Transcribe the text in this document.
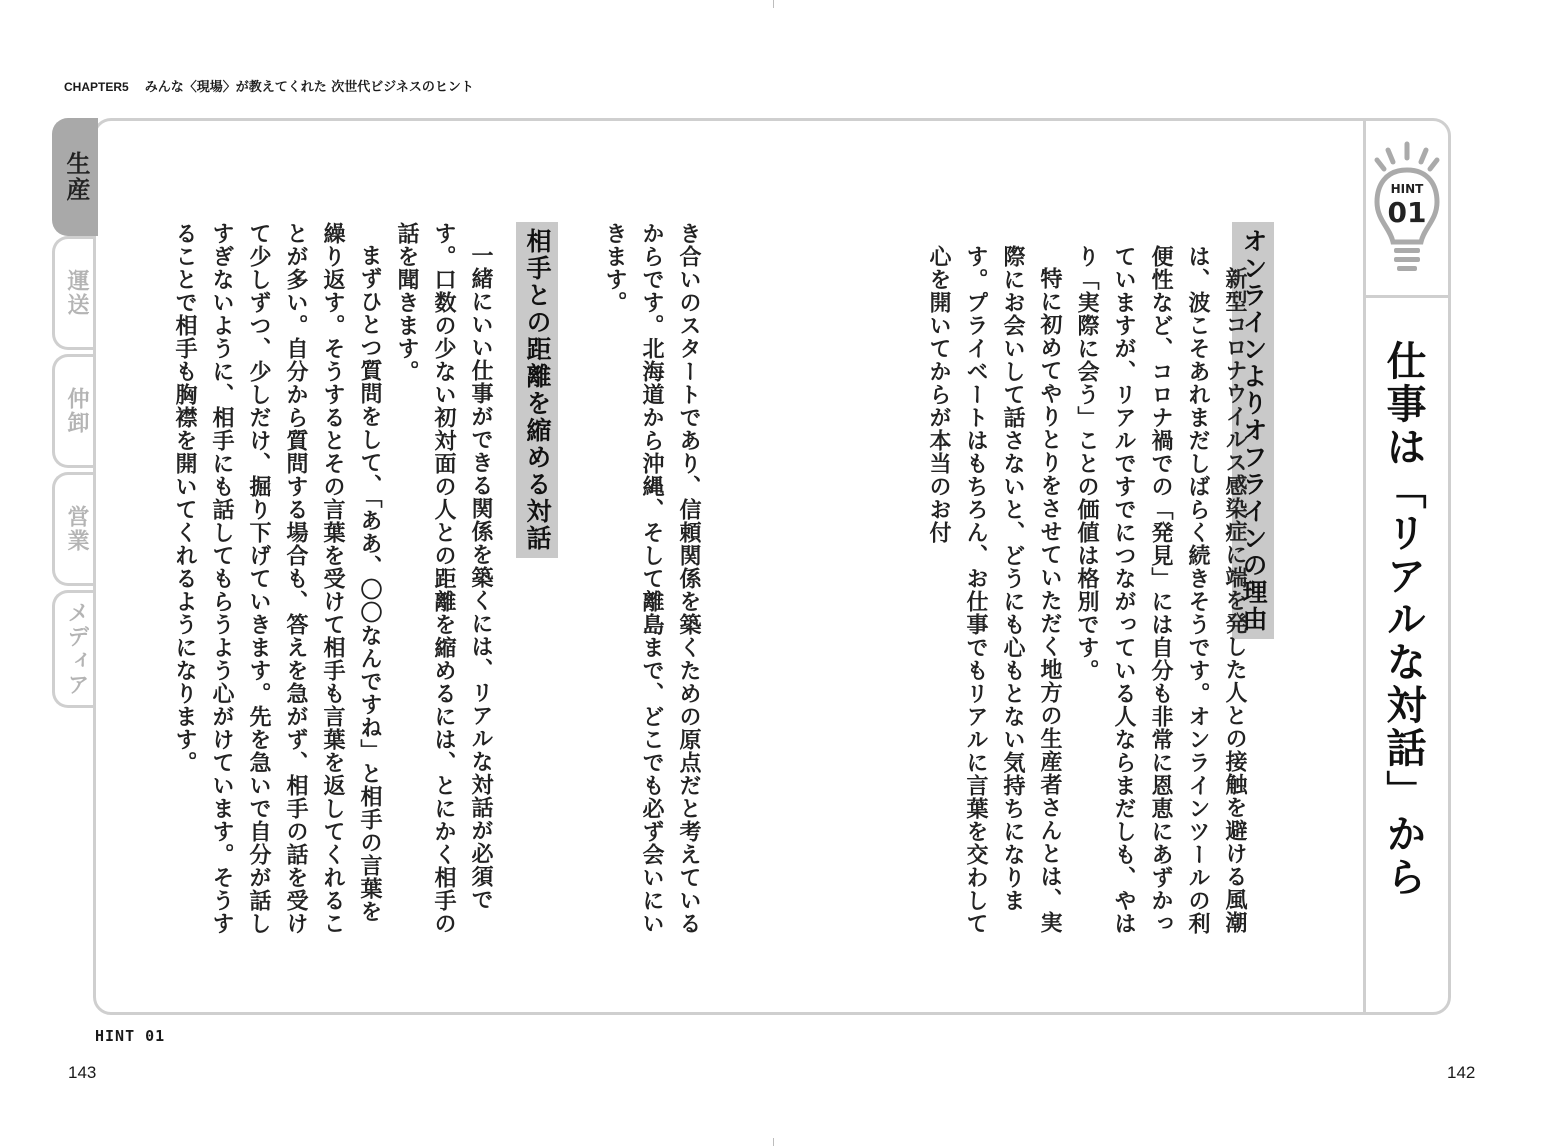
CHAPTER5 みんな〈現場〉が教えてくれた 次世代ビジネスのヒント
生産
運送
仲卸
営業
メディア
HINT
01
仕事は「リアルな対話」から
オンラインよりオフラインの理由

新型コロナウイルス感染症に端を発した人との接触を避ける風潮は、波こそあれまだしばらく続きそうです。オンラインツールの利便性など、コロナ禍での「発見」には自分も非常に恩恵にあずかっていますが、リアルですでにつながっている人ならまだしも、やはり「実際に会う」ことの価値は格別です。

特に初めてやりとりをさせていただく地方の生産者さんとは、実際にお会いして話さないと、どうにも心もとない気持ちになります。プライベートはもちろん、お仕事でもリアルに言葉を交わして心を開いてからが本当のお付

き合いのスタートであり、信頼関係を築くための原点だと考えているからです。北海道から沖縄、そして離島まで、どこでも必ず会いにいきます。

相手との距離を縮める対話

一緒にいい仕事ができる関係を築くには、リアルな対話が必須です。口数の少ない初対面の人との距離を縮めるには、とにかく相手の話を聞きます。

まずひとつ質問をして、「ああ、〇〇なんですね」と相手の言葉を繰り返す。そうするとその言葉を受けて相手も言葉を返してくれることが多い。自分から質問する場合も、答えを急がず、相手の話を受けて少しずつ、少しだけ、掘り下げていきます。先を急いで自分が話しすぎないように、相手にも話してもらうよう心がけています。そうすることで相手も胸襟を開いてくれるようになります。

HINT 01
143	142
